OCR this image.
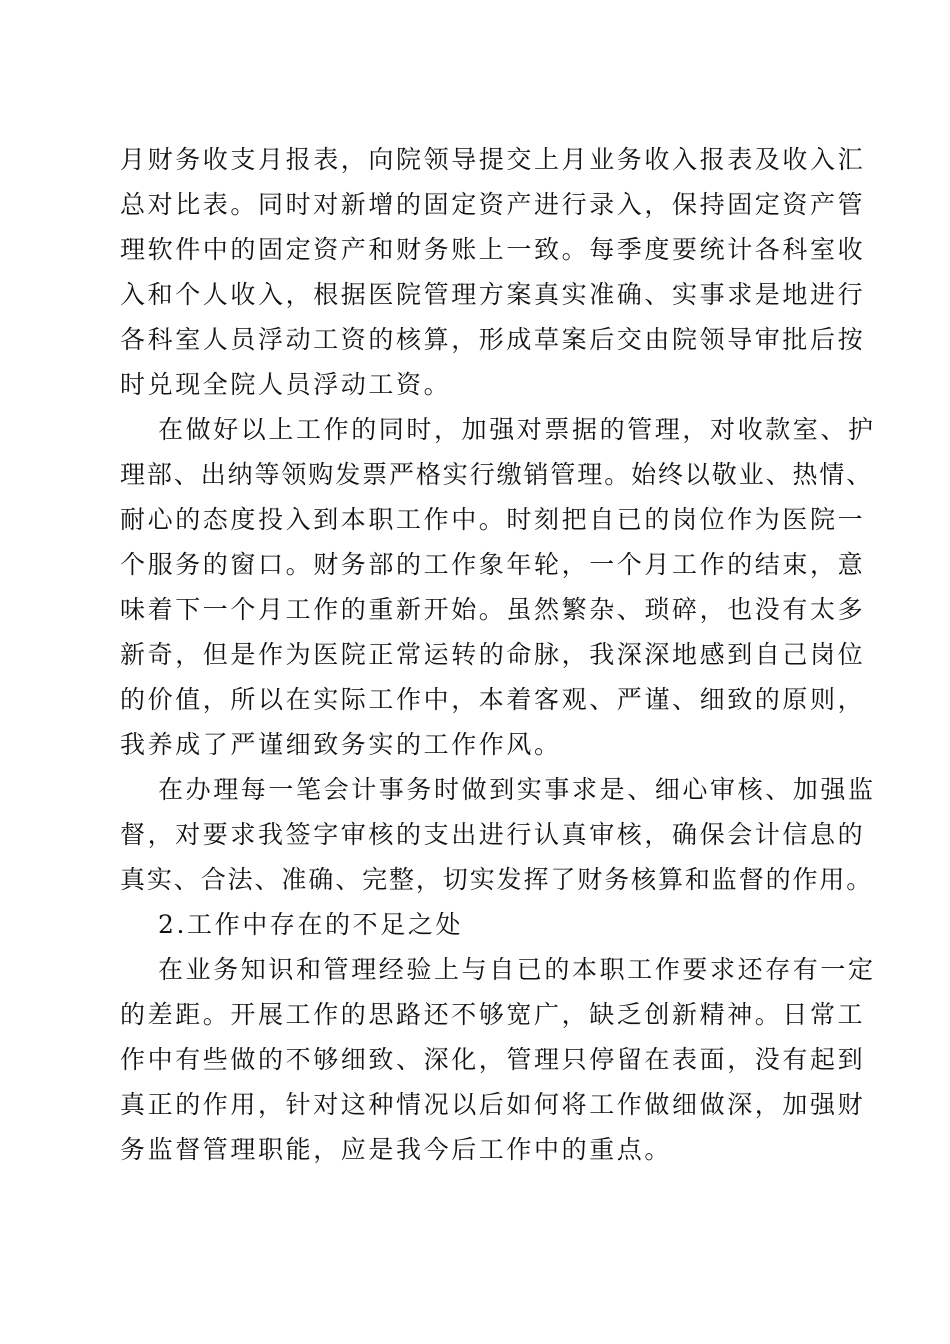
月财务收支月报表，向院领导提交上月业务收入报表及收入汇
总对比表。同时对新增的固定资产进行录入，保持固定资产管
理软件中的固定资产和财务账上一致。每季度要统计各科室收
入和个人收入，根据医院管理方案真实准确、实事求是地进行
各科室人员浮动工资的核算，形成草案后交由院领导审批后按
时兑现全院人员浮动工资。
在做好以上工作的同时，加强对票据的管理，对收款室、护
理部、出纳等领购发票严格实行缴销管理。始终以敬业、热情、
耐心的态度投入到本职工作中。时刻把自已的岗位作为医院一
个服务的窗口。财务部的工作象年轮，一个月工作的结束，意
味着下一个月工作的重新开始。虽然繁杂、琐碎，也没有太多
新奇，但是作为医院正常运转的命脉，我深深地感到自己岗位
的价值，所以在实际工作中，本着客观、严谨、细致的原则，
我养成了严谨细致务实的工作作风。
在办理每一笔会计事务时做到实事求是、细心审核、加强监
督，对要求我签字审核的支出进行认真审核，确保会计信息的
真实、合法、准确、完整，切实发挥了财务核算和监督的作用。
2.工作中存在的不足之处
在业务知识和管理经验上与自已的本职工作要求还存有一定
的差距。开展工作的思路还不够宽广，缺乏创新精神。日常工
作中有些做的不够细致、深化，管理只停留在表面，没有起到
真正的作用，针对这种情况以后如何将工作做细做深，加强财
务监督管理职能，应是我今后工作中的重点。
